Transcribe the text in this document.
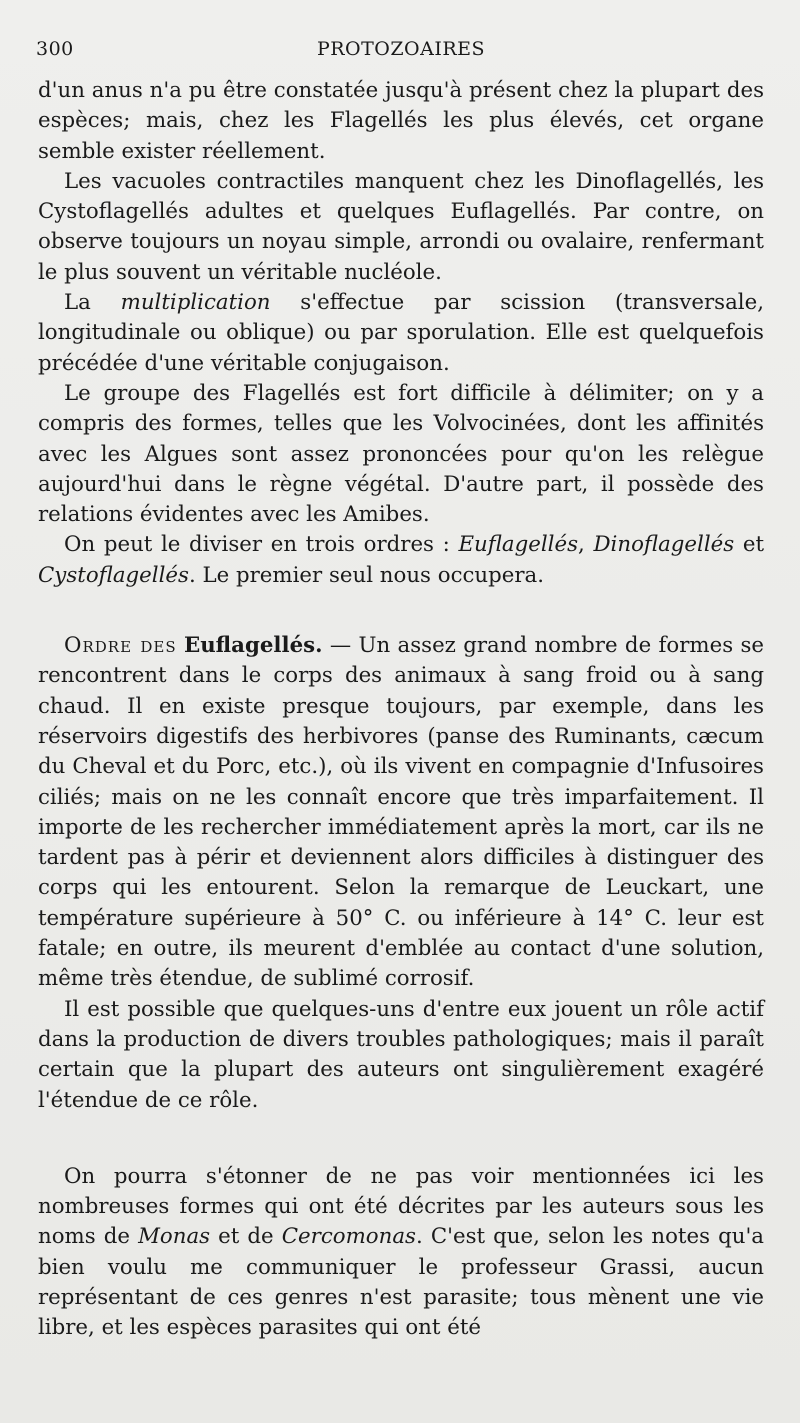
300	PROTOZOAIRES

d'un anus n'a pu être constatée jusqu'à présent chez la plupart des espèces; mais, chez les Flagellés les plus élevés, cet organe semble exister réellement.

Les vacuoles contractiles manquent chez les Dinoflagellés, les Cystoflagellés adultes et quelques Euflagellés. Par contre, on observe toujours un noyau simple, arrondi ou ovalaire, renfermant le plus souvent un véritable nucléole.

La multiplication s'effectue par scission (transversale, longitudinale ou oblique) ou par sporulation. Elle est quelquefois précédée d'une véritable conjugaison.

Le groupe des Flagellés est fort difficile à délimiter; on y a compris des formes, telles que les Volvocinées, dont les affinités avec les Algues sont assez prononcées pour qu'on les relègue aujourd'hui dans le règne végétal. D'autre part, il possède des relations évidentes avec les Amibes.

On peut le diviser en trois ordres : Euflagellés, Dinoflagellés et Cystoflagellés. Le premier seul nous occupera.

Ordre des Euflagellés. — Un assez grand nombre de formes se rencontrent dans le corps des animaux à sang froid ou à sang chaud. Il en existe presque toujours, par exemple, dans les réservoirs digestifs des herbivores (panse des Ruminants, cæcum du Cheval et du Porc, etc.), où ils vivent en compagnie d'Infusoires ciliés; mais on ne les connaît encore que très imparfaitement. Il importe de les rechercher immédiatement après la mort, car ils ne tardent pas à périr et deviennent alors difficiles à distinguer des corps qui les entourent. Selon la remarque de Leuckart, une température supérieure à 50° C. ou inférieure à 14° C. leur est fatale; en outre, ils meurent d'emblée au contact d'une solution, même très étendue, de sublimé corrosif.

Il est possible que quelques-uns d'entre eux jouent un rôle actif dans la production de divers troubles pathologiques; mais il paraît certain que la plupart des auteurs ont singulièrement exagéré l'étendue de ce rôle.

On pourra s'étonner de ne pas voir mentionnées ici les nombreuses formes qui ont été décrites par les auteurs sous les noms de Monas et de Cercomonas. C'est que, selon les notes qu'a bien voulu me communiquer le professeur Grassi, aucun représentant de ces genres n'est parasite; tous mènent une vie libre, et les espèces parasites qui ont été
